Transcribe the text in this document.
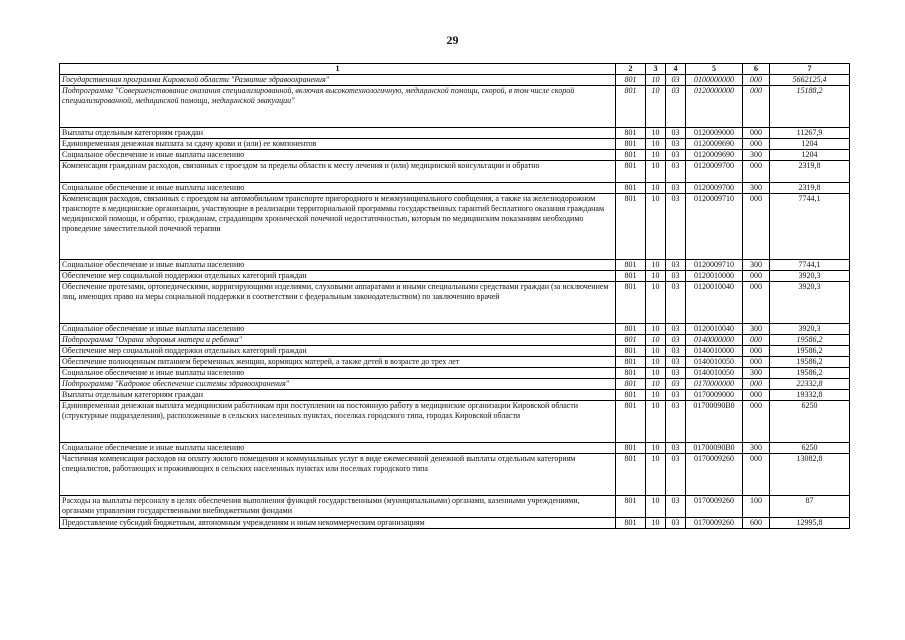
29
1	2	3	4	5	6	7
Государственная программа Кировской области "Развитие здравоохранения"	801	10	03	0100000000	000	5662125,4
Подпрограмма "Совершенствование оказания специализированной, включая высокотехнологичную, медицинской помощи, скорой, в том числе скорой специализированной, медицинской помощи, медицинской эвакуации"	801	10	03	0120000000	000	15188,2
Выплаты отдельным категориям граждан	801	10	03	0120009000	000	11267,9
Единовременная денежная выплата за сдачу крови и (или) ее компонентов	801	10	03	0120009690	000	1204
Социальное обеспечение и иные выплаты населению	801	10	03	0120009690	300	1204
Компенсация гражданам расходов, связанных с проездом за пределы области к месту лечения и (или) медицинской консультации и обратно	801	10	03	0120009700	000	2319,8
Социальное обеспечение и иные выплаты населению	801	10	03	0120009700	300	2319,8
Компенсация расходов, связанных с проездом на автомобильном транспорте пригородного и межмуниципального сообщения, а также на железнодорожном транспорте в медицинские организации, участвующие в реализации территориальной программы государственных гарантий бесплатного оказания гражданам медицинской помощи, и обратно, гражданам, страдающим хронической почечной недостаточностью, которым по медицинским показаниям необходимо проведение заместительной почечной терапии	801	10	03	0120009710	000	7744,1
Социальное обеспечение и иные выплаты населению	801	10	03	0120009710	300	7744,1
Обеспечение мер социальной поддержки отдельных категорий граждан	801	10	03	0120010000	000	3920,3
Обеспечение протезами, ортопедическими, корригирующими изделиями, слуховыми аппаратами и иными специальными средствами граждан (за исключением лиц, имеющих право на меры социальной поддержки в соответствии с федеральным законодательством) по заключению врачей	801	10	03	0120010040	000	3920,3
Социальное обеспечение и иные выплаты населению	801	10	03	0120010040	300	3920,3
Подпрограмма "Охрана здоровья матери и ребенка"	801	10	03	0140000000	000	19586,2
Обеспечение мер социальной поддержки отдельных категорий граждан	801	10	03	0140010000	000	19586,2
Обеспечение полноценным питанием беременных женщин, кормящих матерей, а также детей в возрасте до трех лет	801	10	03	0140010050	000	19586,2
Социальное обеспечение и иные выплаты населению	801	10	03	0140010050	300	19586,2
Подпрограмма "Кадровое обеспечение системы здравоохранения"	801	10	03	0170000000	000	22332,8
Выплаты отдельным категориям граждан	801	10	03	0170009000	000	19332,8
Единовременная денежная выплата медицинским работникам при поступлении на постоянную работу в медицинские организации Кировской области (структурные подразделения), расположенные в сельских населенных пунктах, поселках городского типа, городах Кировской области	801	10	03	01700090В0	000	6250
Социальное обеспечение и иные выплаты населению	801	10	03	01700090В0	300	6250
Частичная компенсация расходов на оплату жилого помещения и коммунальных услуг в виде ежемесячной денежной выплаты отдельным категориям специалистов, работающих и проживающих в сельских населенных пунктах или поселках городского типа	801	10	03	0170009260	000	13082,8
Расходы на выплаты персоналу в целях обеспечения выполнения функций государственными (муниципальными) органами, казенными учреждениями, органами управления государственными внебюджетными фондами	801	10	03	0170009260	100	87
Предоставление субсидий бюджетным, автономным учреждениям и иным некоммерческим организациям	801	10	03	0170009260	600	12995,8
